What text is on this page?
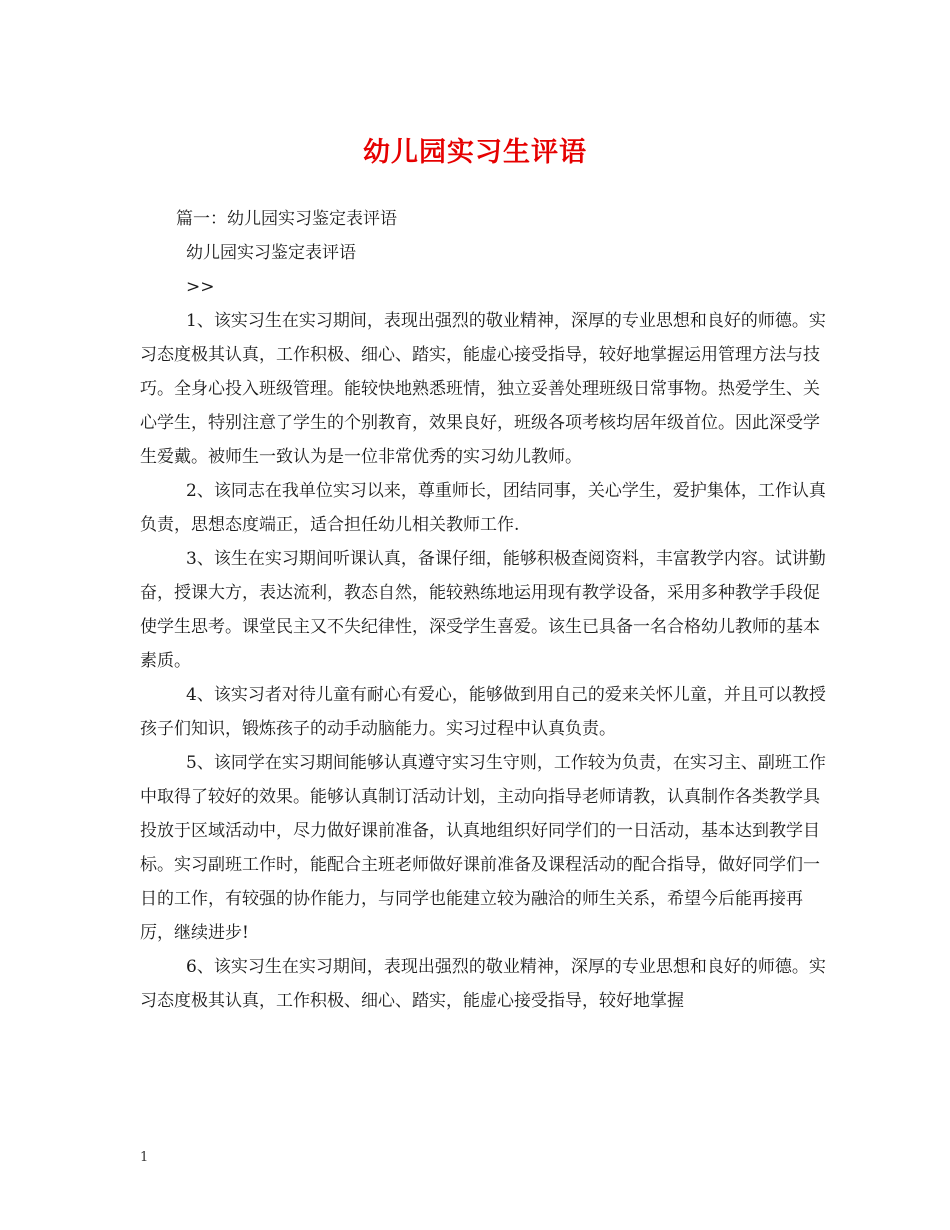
幼儿园实习生评语

篇一：幼儿园实习鉴定表评语

幼儿园实习鉴定表评语

>>

1、该实习生在实习期间，表现出强烈的敬业精神，深厚的专业思想和良好的师德。实习态度极其认真，工作积极、细心、踏实，能虚心接受指导，较好地掌握运用管理方法与技巧。全身心投入班级管理。能较快地熟悉班情，独立妥善处理班级日常事物。热爱学生、关心学生，特别注意了学生的个别教育，效果良好，班级各项考核均居年级首位。因此深受学生爱戴。被师生一致认为是一位非常优秀的实习幼儿教师。

2、该同志在我单位实习以来，尊重师长，团结同事，关心学生，爱护集体，工作认真负责，思想态度端正，适合担任幼儿相关教师工作.

3、该生在实习期间听课认真，备课仔细，能够积极查阅资料，丰富教学内容。试讲勤奋，授课大方，表达流利，教态自然，能较熟练地运用现有教学设备，采用多种教学手段促使学生思考。课堂民主又不失纪律性，深受学生喜爱。该生已具备一名合格幼儿教师的基本素质。

4、该实习者对待儿童有耐心有爱心，能够做到用自己的爱来关怀儿童，并且可以教授孩子们知识，锻炼孩子的动手动脑能力。实习过程中认真负责。

5、该同学在实习期间能够认真遵守实习生守则，工作较为负责，在实习主、副班工作中取得了较好的效果。能够认真制订活动计划，主动向指导老师请教，认真制作各类教学具投放于区域活动中，尽力做好课前准备，认真地组织好同学们的一日活动，基本达到教学目标。实习副班工作时，能配合主班老师做好课前准备及课程活动的配合指导，做好同学们一日的工作，有较强的协作能力，与同学也能建立较为融洽的师生关系，希望今后能再接再厉，继续进步!

6、该实习生在实习期间，表现出强烈的敬业精神，深厚的专业思想和良好的师德。实习态度极其认真，工作积极、细心、踏实，能虚心接受指导，较好地掌握

1
